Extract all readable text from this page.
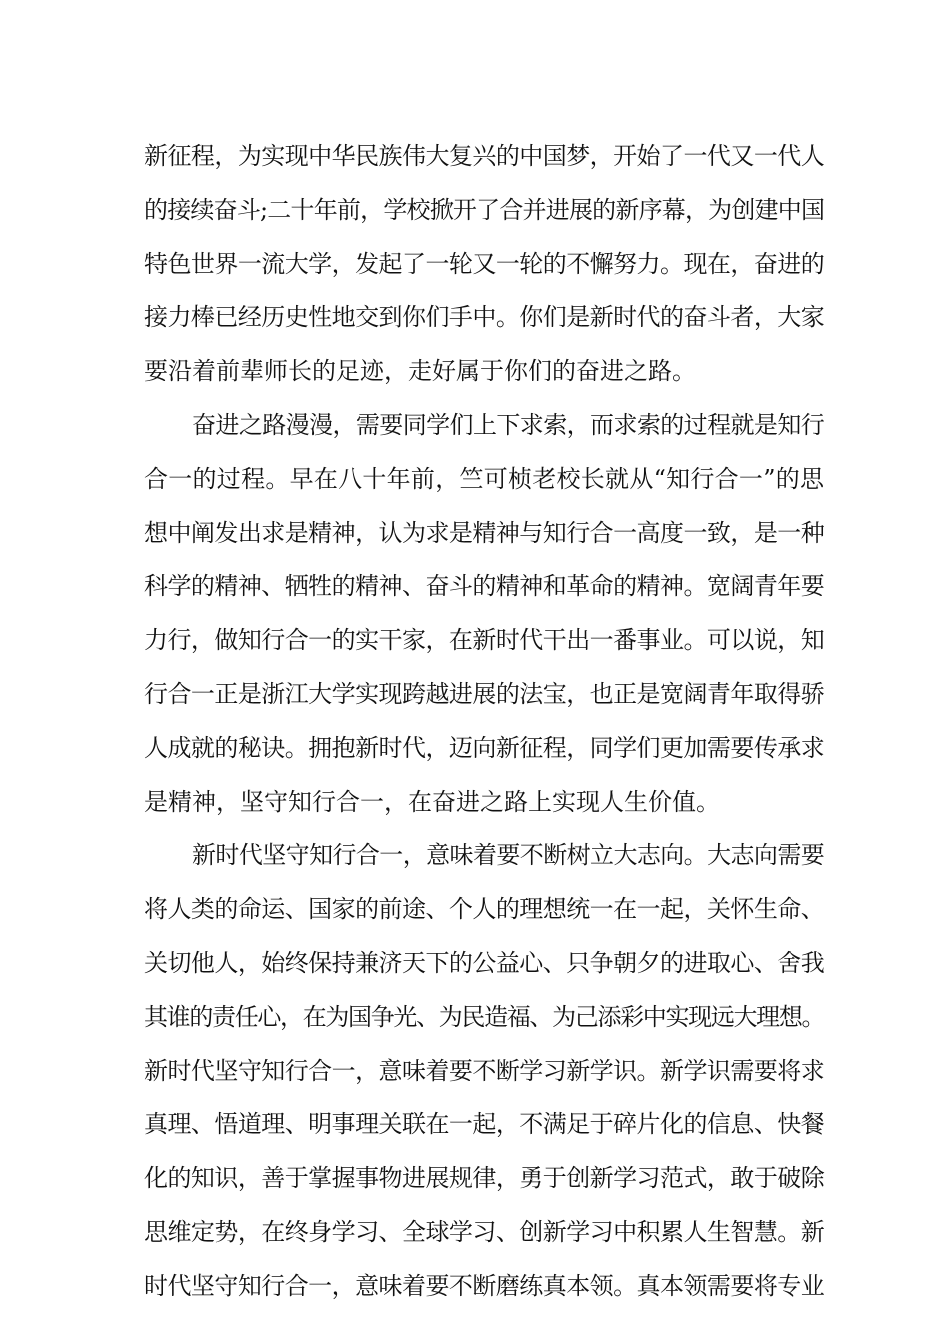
新征程，为实现中华民族伟大复兴的中国梦，开始了一代又一代人
的接续奋斗;二十年前，学校掀开了合并进展的新序幕，为创建中国
特色世界一流大学，发起了一轮又一轮的不懈努力。现在，奋进的
接力棒已经历史性地交到你们手中。你们是新时代的奋斗者，大家
要沿着前辈师长的足迹，走好属于你们的奋进之路。
奋进之路漫漫，需要同学们上下求索，而求索的过程就是知行
合一的过程。早在八十年前，竺可桢老校长就从“知行合一”的思
想中阐发出求是精神，认为求是精神与知行合一高度一致，是一种
科学的精神、牺牲的精神、奋斗的精神和革命的精神。宽阔青年要
力行，做知行合一的实干家，在新时代干出一番事业。可以说，知
行合一正是浙江大学实现跨越进展的法宝，也正是宽阔青年取得骄
人成就的秘诀。拥抱新时代，迈向新征程，同学们更加需要传承求
是精神，坚守知行合一，在奋进之路上实现人生价值。
新时代坚守知行合一，意味着要不断树立大志向。大志向需要
将人类的命运、国家的前途、个人的理想统一在一起，关怀生命、
关切他人，始终保持兼济天下的公益心、只争朝夕的进取心、舍我
其谁的责任心，在为国争光、为民造福、为己添彩中实现远大理想。
新时代坚守知行合一，意味着要不断学习新学识。新学识需要将求
真理、悟道理、明事理关联在一起，不满足于碎片化的信息、快餐
化的知识，善于掌握事物进展规律，勇于创新学习范式，敢于破除
思维定势，在终身学习、全球学习、创新学习中积累人生智慧。新
时代坚守知行合一，意味着要不断磨练真本领。真本领需要将专业
